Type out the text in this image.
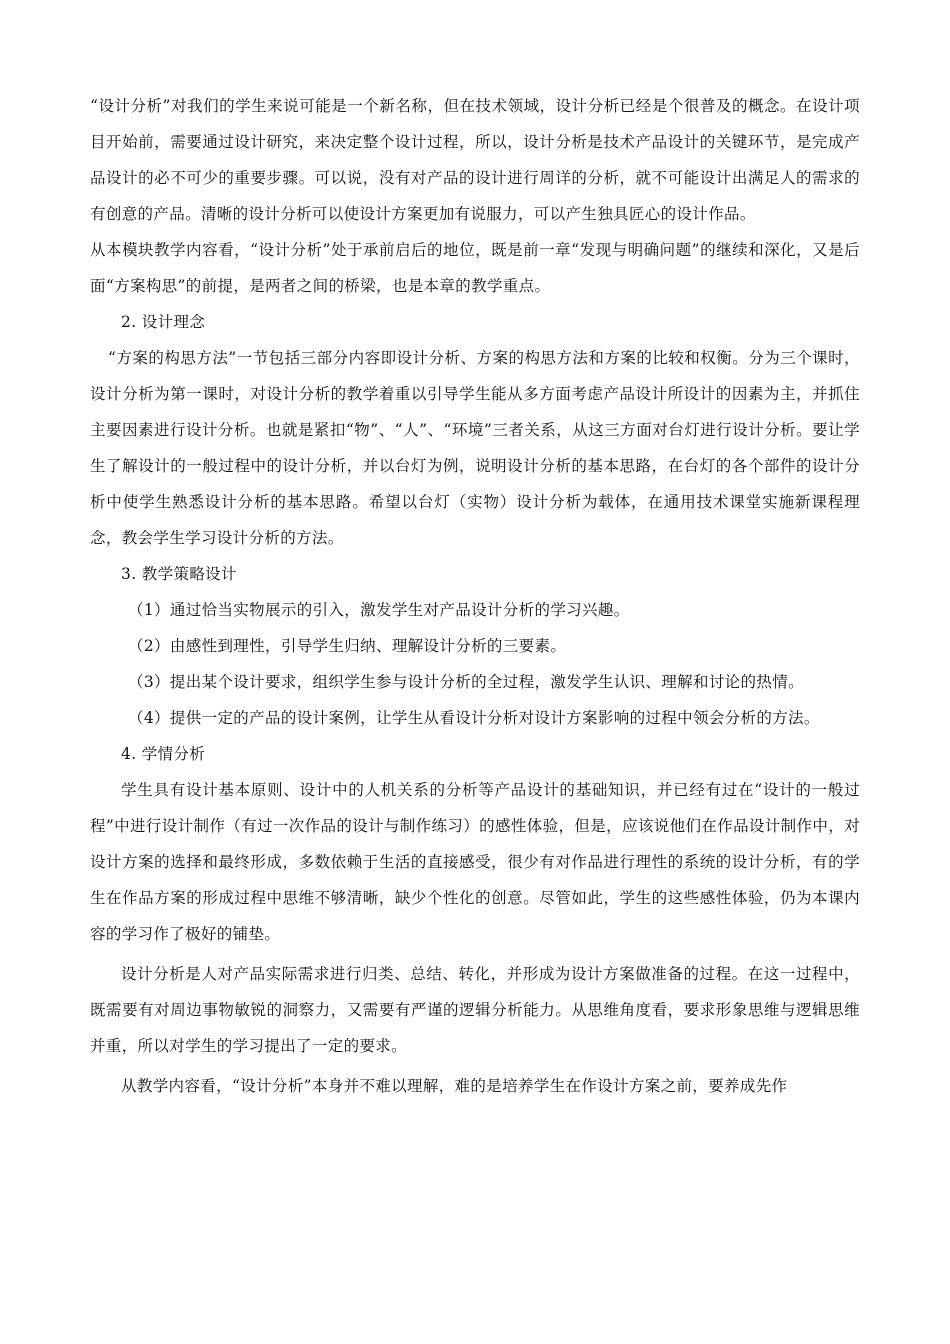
“设计分析”对我们的学生来说可能是一个新名称，但在技术领域，设计分析已经是个很普及的概念。在设计项目开始前，需要通过设计研究，来决定整个设计过程，所以，设计分析是技术产品设计的关键环节，是完成产品设计的必不可少的重要步骤。可以说，没有对产品的设计进行周详的分析，就不可能设计出满足人的需求的有创意的产品。清晰的设计分析可以使设计方案更加有说服力，可以产生独具匠心的设计作品。

从本模块教学内容看，“设计分析”处于承前启后的地位，既是前一章“发现与明确问题”的继续和深化，又是后面“方案构思”的前提，是两者之间的桥梁，也是本章的教学重点。

2. 设计理念

“方案的构思方法”一节包括三部分内容即设计分析、方案的构思方法和方案的比较和权衡。分为三个课时，设计分析为第一课时，对设计分析的教学着重以引导学生能从多方面考虑产品设计所设计的因素为主，并抓住主要因素进行设计分析。也就是紧扣“物”、“人”、“环境”三者关系，从这三方面对台灯进行设计分析。要让学生了解设计的一般过程中的设计分析，并以台灯为例，说明设计分析的基本思路，在台灯的各个部件的设计分析中使学生熟悉设计分析的基本思路。希望以台灯（实物）设计分析为载体，在通用技术课堂实施新课程理念，教会学生学习设计分析的方法。

3. 教学策略设计

（1）通过恰当实物展示的引入，激发学生对产品设计分析的学习兴趣。

（2）由感性到理性，引导学生归纳、理解设计分析的三要素。

（3）提出某个设计要求，组织学生参与设计分析的全过程，激发学生认识、理解和讨论的热情。

（4）提供一定的产品的设计案例，让学生从看设计分析对设计方案影响的过程中领会分析的方法。

4. 学情分析

学生具有设计基本原则、设计中的人机关系的分析等产品设计的基础知识，并已经有过在“设计的一般过程”中进行设计制作（有过一次作品的设计与制作练习）的感性体验，但是，应该说他们在作品设计制作中，对设计方案的选择和最终形成，多数依赖于生活的直接感受，很少有对作品进行理性的系统的设计分析，有的学生在作品方案的形成过程中思维不够清晰，缺少个性化的创意。尽管如此，学生的这些感性体验，仍为本课内容的学习作了极好的铺垫。

设计分析是人对产品实际需求进行归类、总结、转化，并形成为设计方案做准备的过程。在这一过程中，既需要有对周边事物敏锐的洞察力，又需要有严谨的逻辑分析能力。从思维角度看，要求形象思维与逻辑思维并重，所以对学生的学习提出了一定的要求。

从教学内容看，“设计分析”本身并不难以理解，难的是培养学生在作设计方案之前，要养成先作
